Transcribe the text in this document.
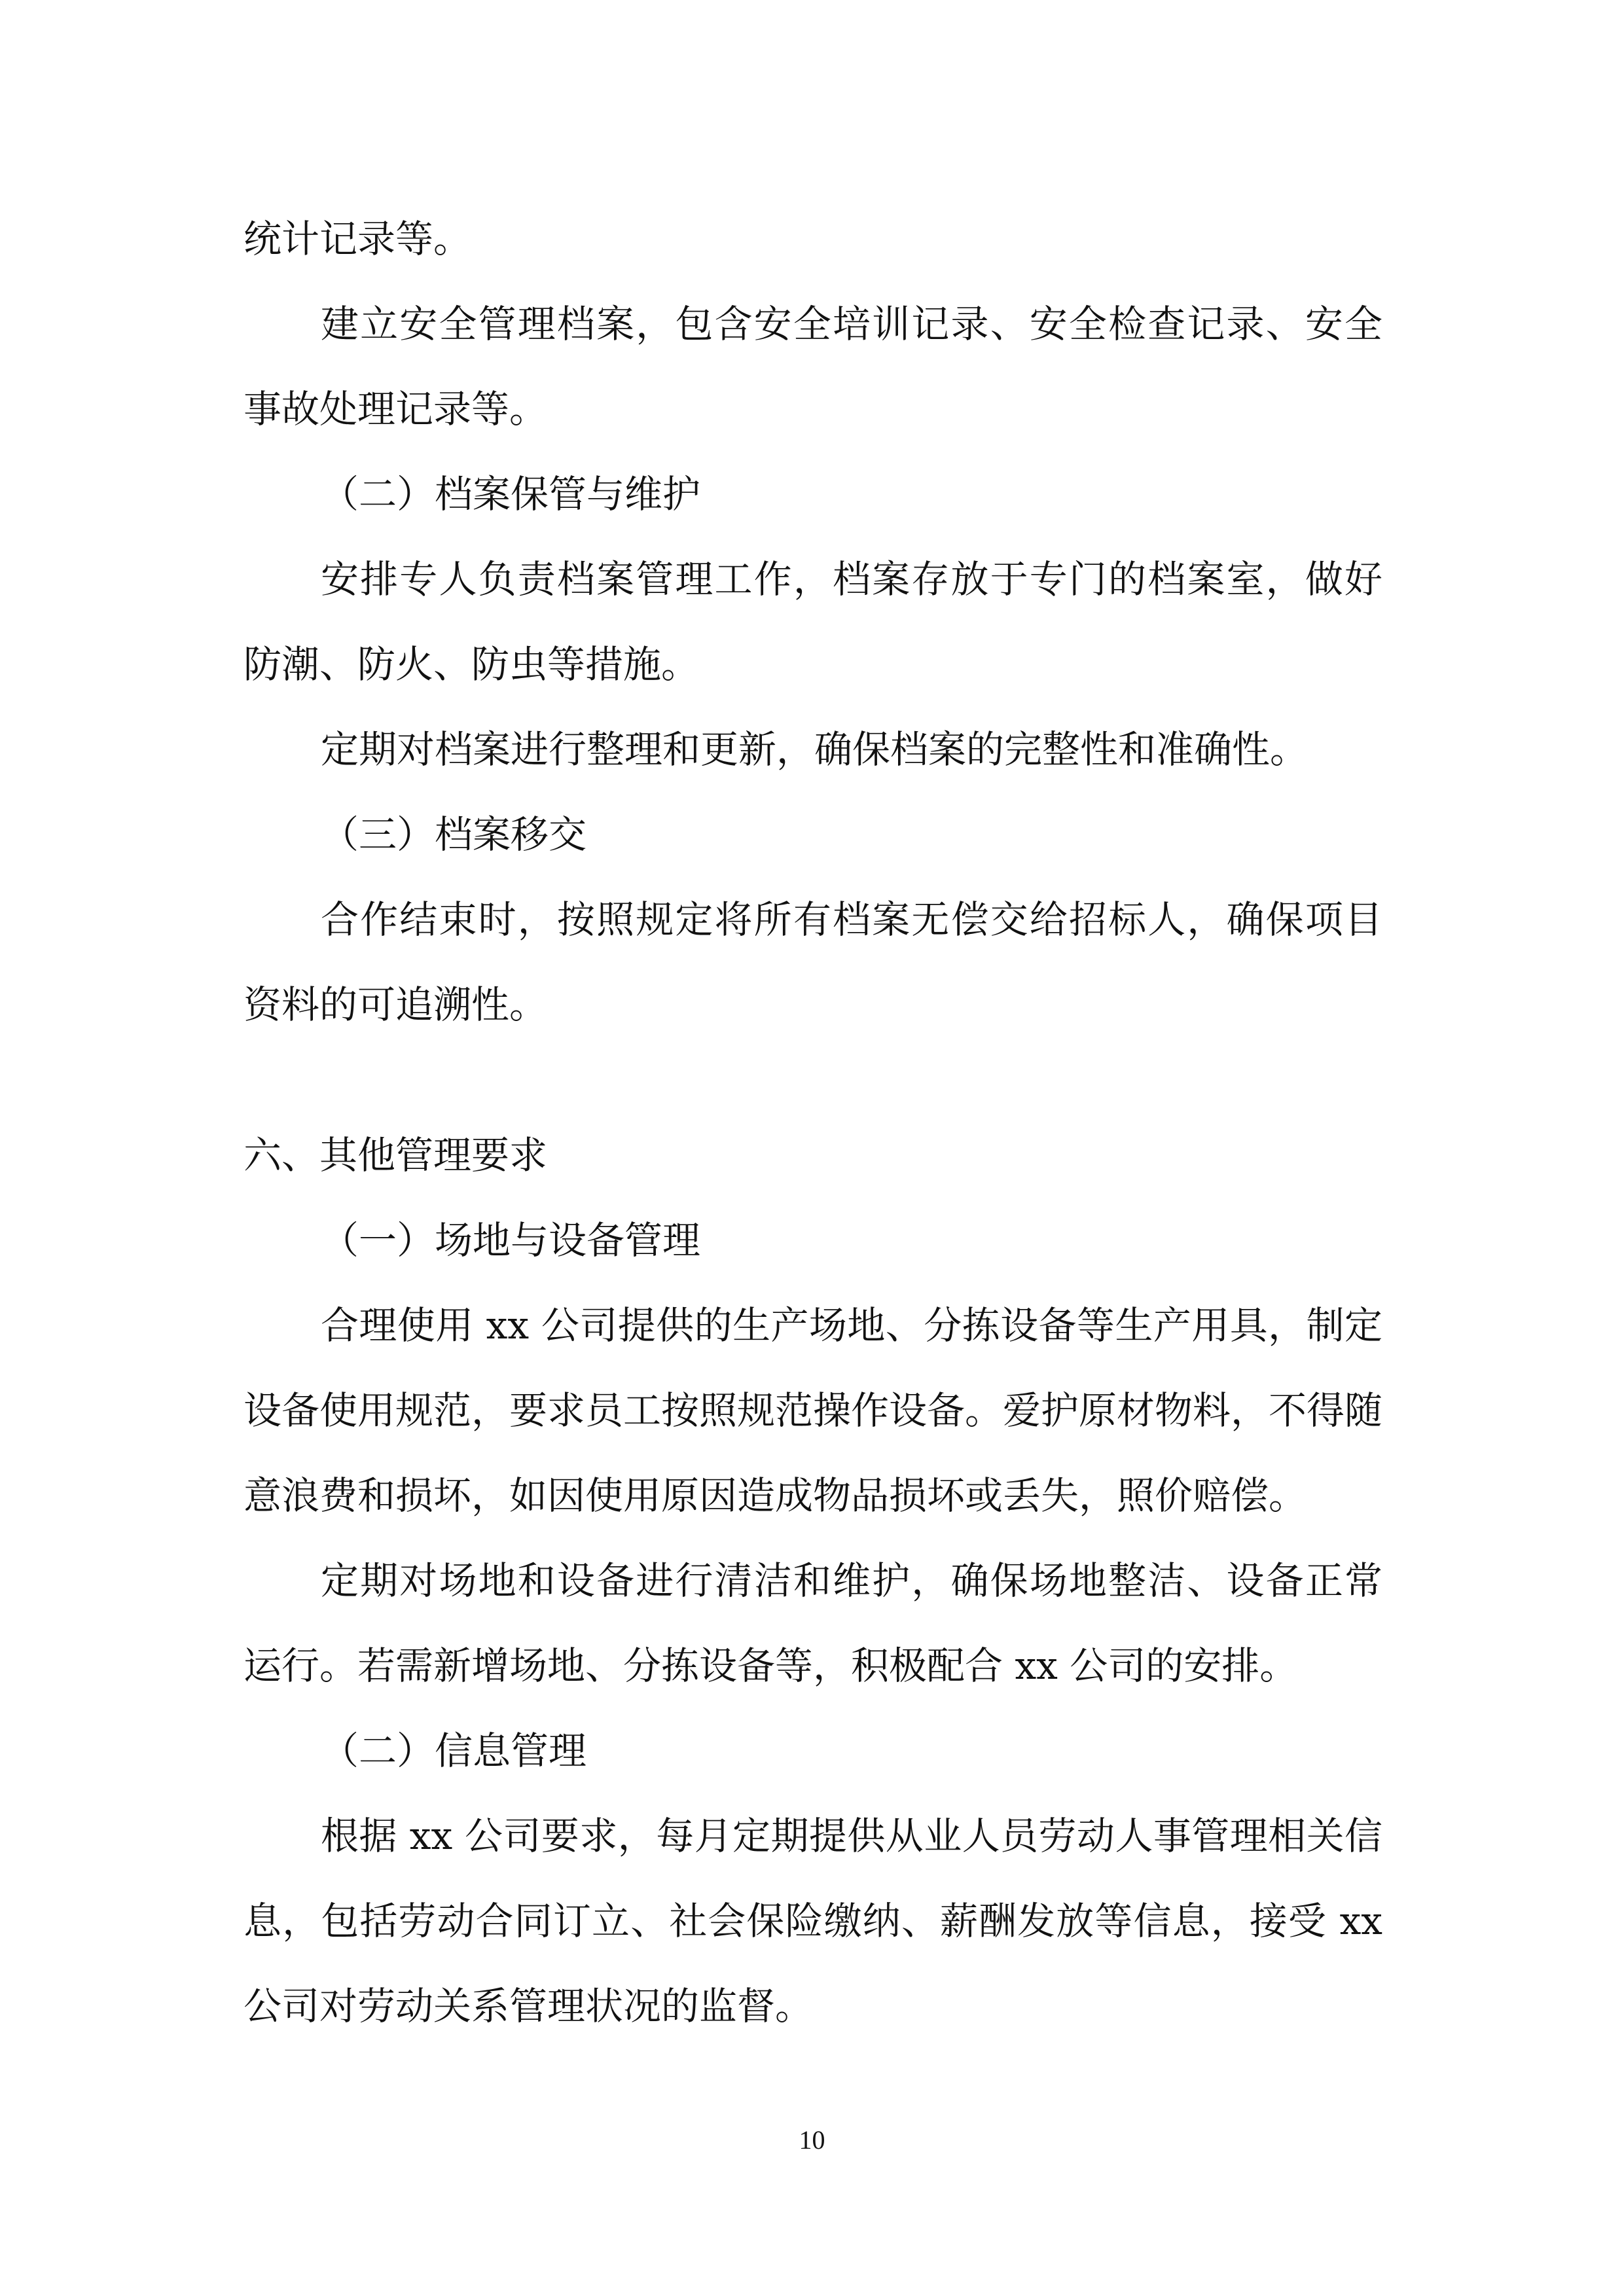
统计记录等。

建立安全管理档案，包含安全培训记录、安全检查记录、安全事故处理记录等。

（二）档案保管与维护

安排专人负责档案管理工作，档案存放于专门的档案室，做好防潮、防火、防虫等措施。

定期对档案进行整理和更新，确保档案的完整性和准确性。

（三）档案移交

合作结束时，按照规定将所有档案无偿交给招标人，确保项目资料的可追溯性。

六、其他管理要求

（一）场地与设备管理

合理使用 xx 公司提供的生产场地、分拣设备等生产用具，制定设备使用规范，要求员工按照规范操作设备。爱护原材物料，不得随意浪费和损坏，如因使用原因造成物品损坏或丢失，照价赔偿。

定期对场地和设备进行清洁和维护，确保场地整洁、设备正常运行。若需新增场地、分拣设备等，积极配合 xx 公司的安排。

（二）信息管理

根据 xx 公司要求，每月定期提供从业人员劳动人事管理相关信息，包括劳动合同订立、社会保险缴纳、薪酬发放等信息，接受 xx 公司对劳动关系管理状况的监督。

10
